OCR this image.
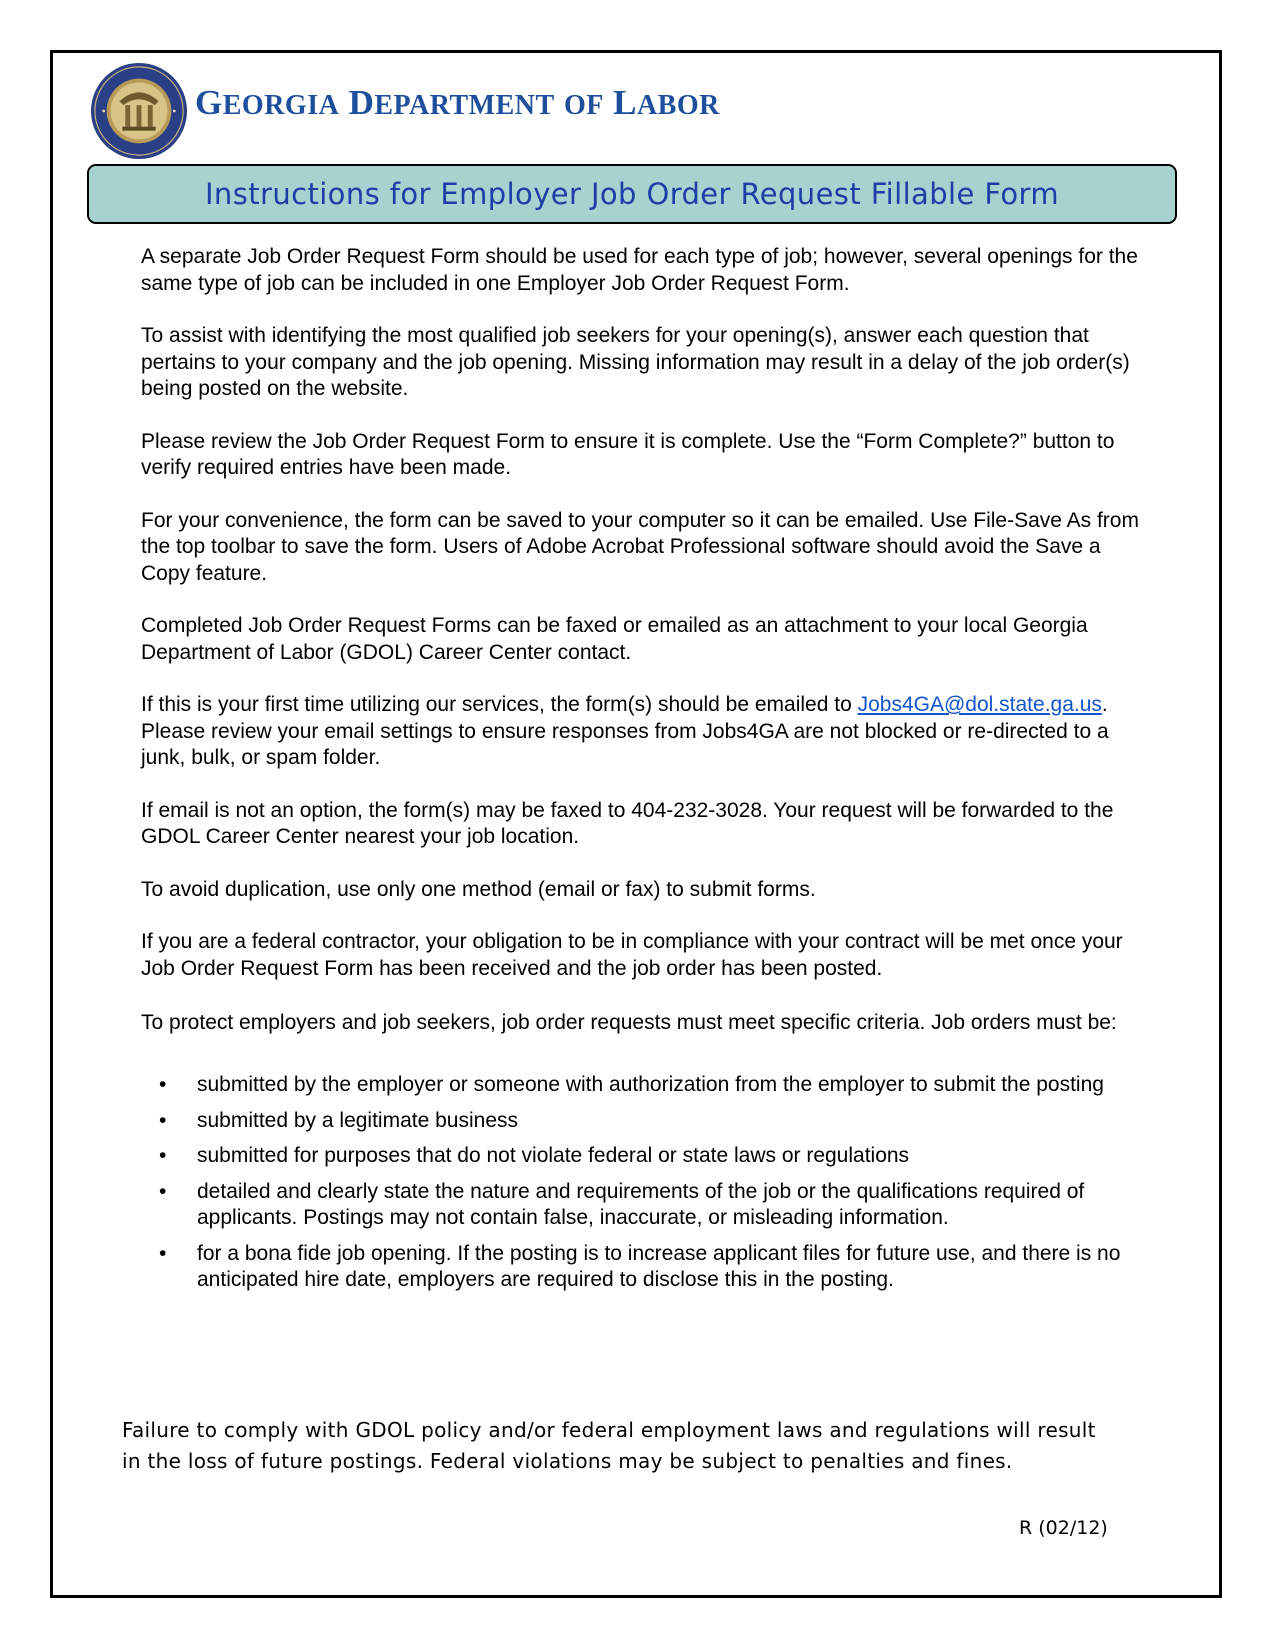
GEORGIA DEPARTMENT OF LABOR
Instructions for Employer Job Order Request Fillable Form

A separate Job Order Request Form should be used for each type of job; however, several openings for the same type of job can be included in one Employer Job Order Request Form.

To assist with identifying the most qualified job seekers for your opening(s), answer each question that pertains to your company and the job opening. Missing information may result in a delay of the job order(s) being posted on the website.

Please review the Job Order Request Form to ensure it is complete. Use the “Form Complete?” button to verify required entries have been made.

For your convenience, the form can be saved to your computer so it can be emailed. Use File-Save As from the top toolbar to save the form. Users of Adobe Acrobat Professional software should avoid the Save a Copy feature.

Completed Job Order Request Forms can be faxed or emailed as an attachment to your local Georgia Department of Labor (GDOL) Career Center contact.

If this is your first time utilizing our services, the form(s) should be emailed to Jobs4GA@dol.state.ga.us. Please review your email settings to ensure responses from Jobs4GA are not blocked or re-directed to a junk, bulk, or spam folder.

If email is not an option, the form(s) may be faxed to 404-232-3028. Your request will be forwarded to the GDOL Career Center nearest your job location.

To avoid duplication, use only one method (email or fax) to submit forms.

If you are a federal contractor, your obligation to be in compliance with your contract will be met once your Job Order Request Form has been received and the job order has been posted.

To protect employers and job seekers, job order requests must meet specific criteria. Job orders must be:

• submitted by the employer or someone with authorization from the employer to submit the posting
• submitted by a legitimate business
• submitted for purposes that do not violate federal or state laws or regulations
• detailed and clearly state the nature and requirements of the job or the qualifications required of applicants. Postings may not contain false, inaccurate, or misleading information.
• for a bona fide job opening. If the posting is to increase applicant files for future use, and there is no anticipated hire date, employers are required to disclose this in the posting.
Failure to comply with GDOL policy and/or federal employment laws and regulations will result in the loss of future postings. Federal violations may be subject to penalties and fines.
R (02/12)
